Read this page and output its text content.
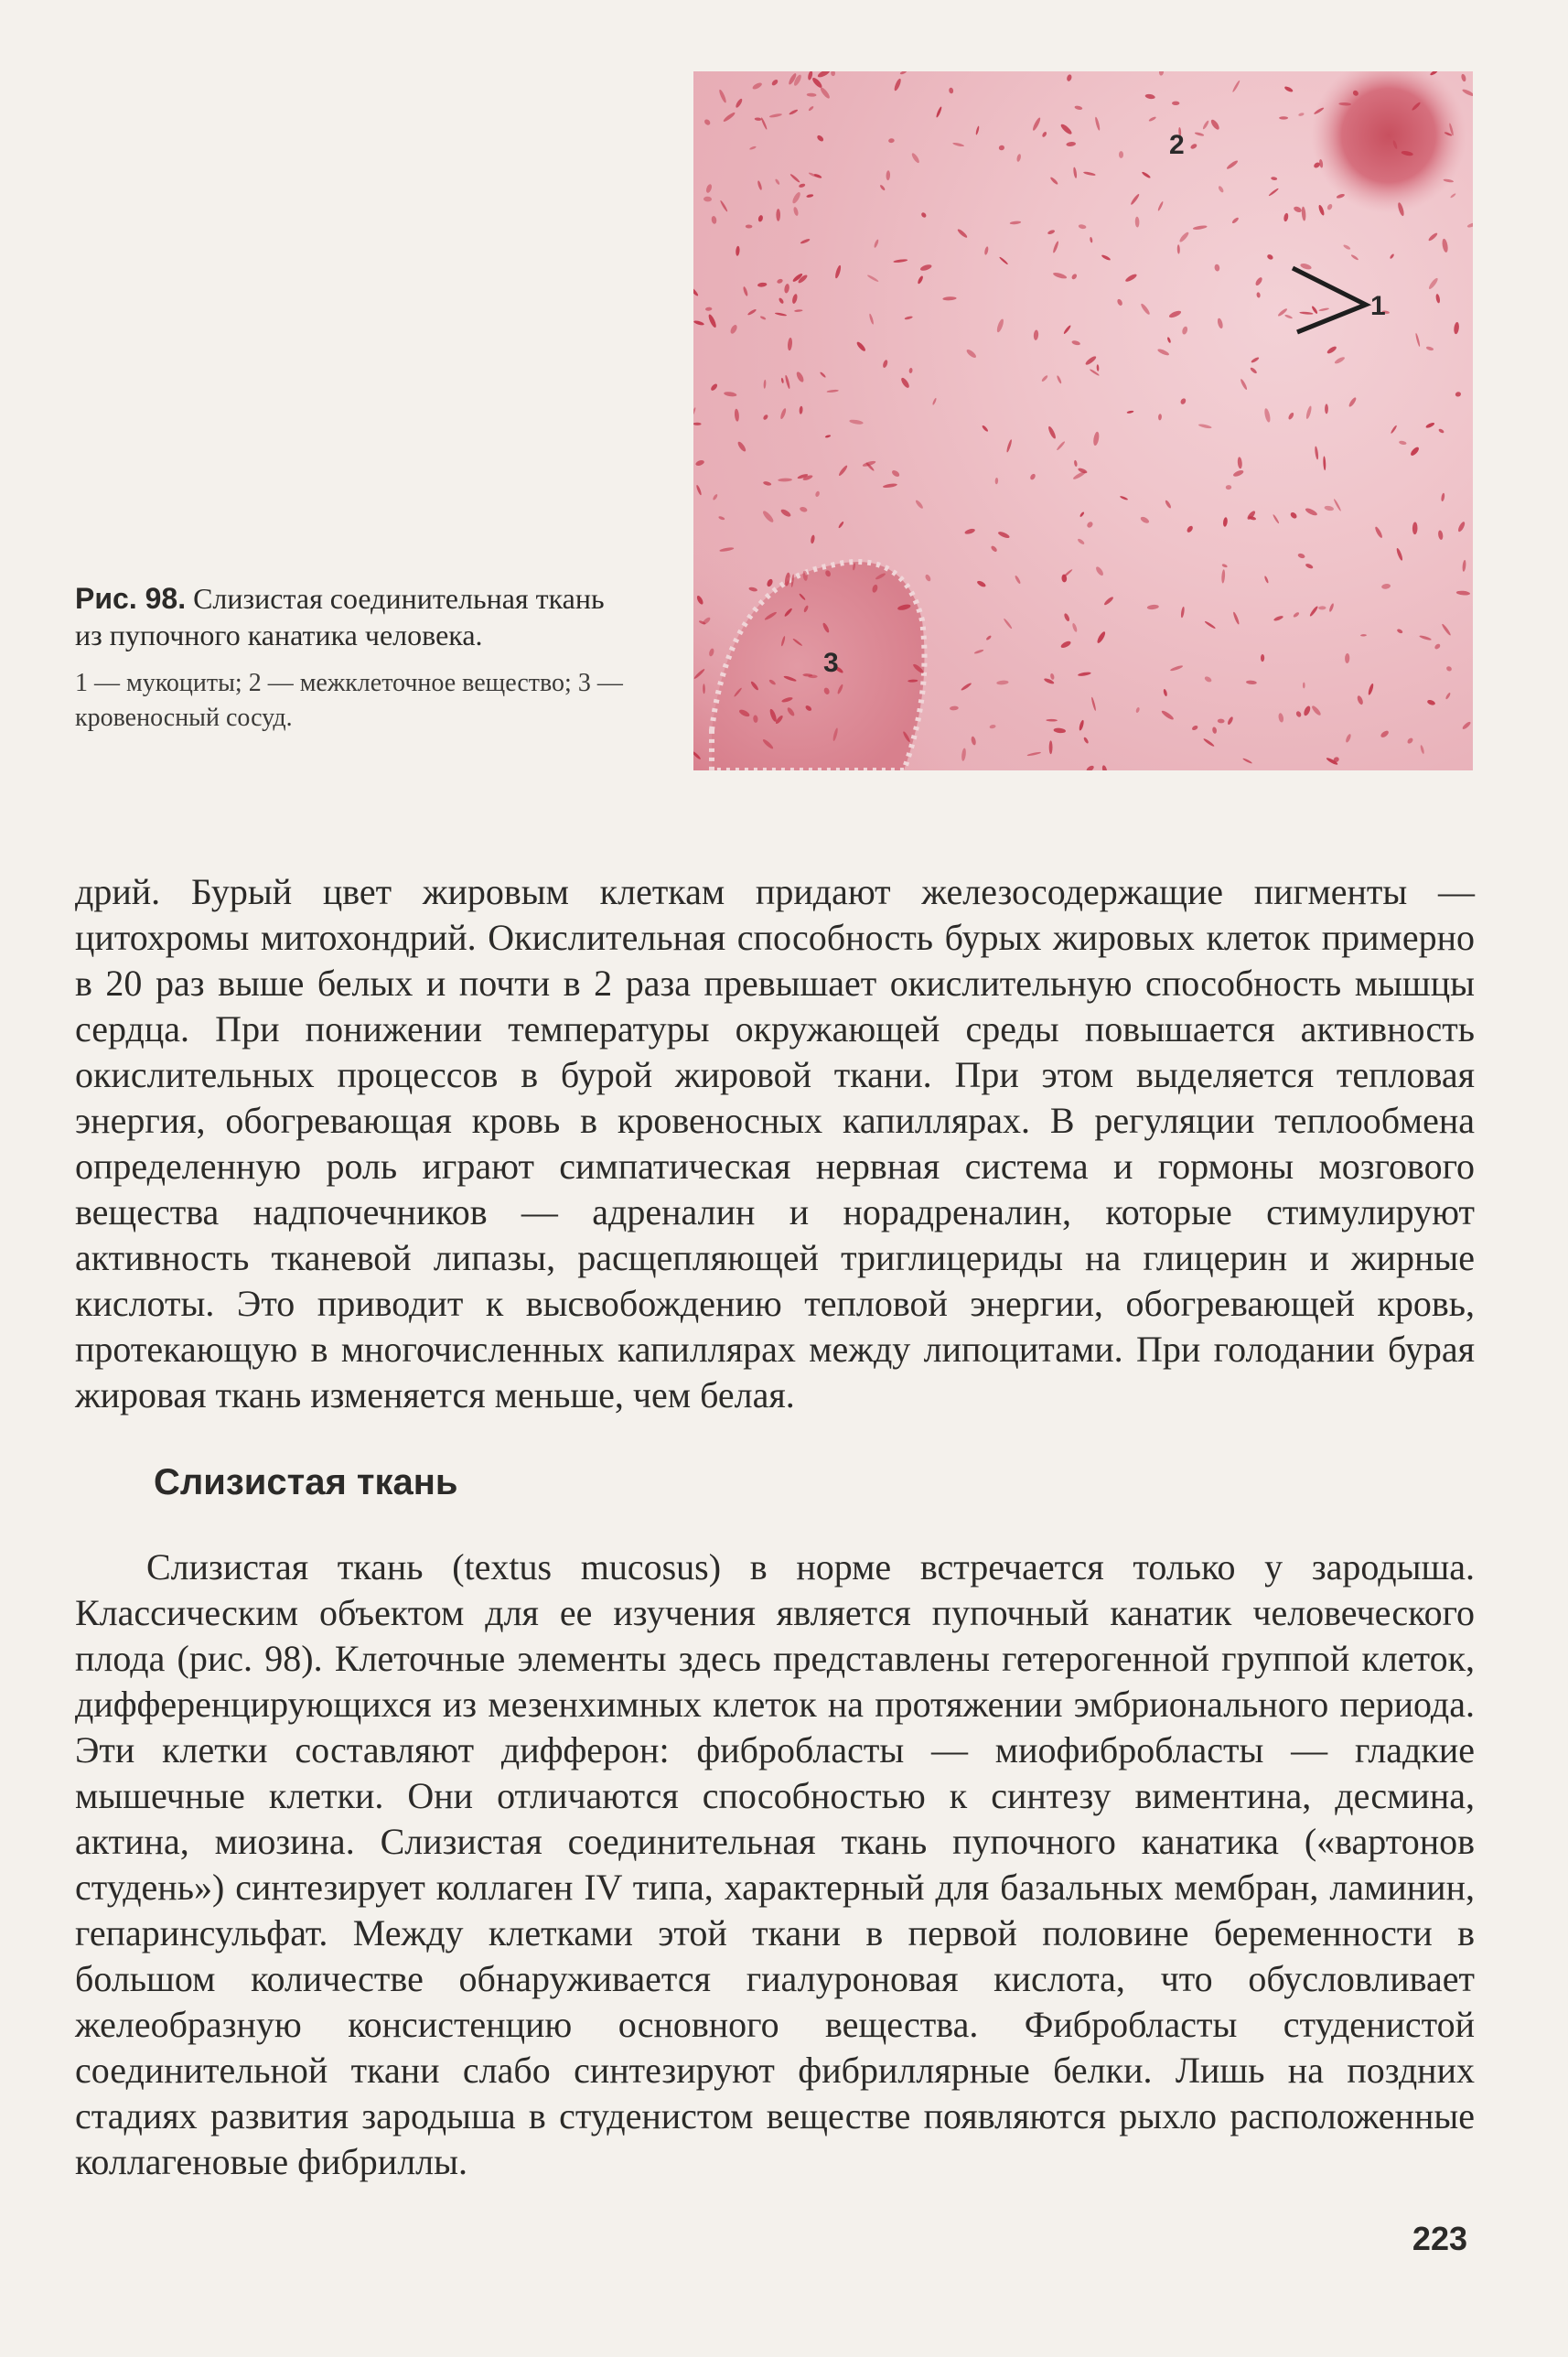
2
1
3
Рис. 98. Слизистая соединительная ткань из пупочного канатика человека.
1 — мукоциты; 2 — межклеточное вещество; 3 — кровеносный сосуд.
дрий. Бурый цвет жировым клеткам придают железосодержащие пигменты — цитохромы митохондрий. Окислительная способность бурых жировых клеток примерно в 20 раз выше белых и почти в 2 раза превышает окислительную способность мышцы сердца. При понижении температуры окружающей среды повышается активность окислительных процессов в бурой жировой ткани. При этом выделяется тепловая энергия, обогревающая кровь в кровеносных капиллярах. В регуляции теплообмена определенную роль играют симпатическая нервная система и гормоны мозгового вещества надпочечников — адреналин и норадреналин, которые стимулируют активность тканевой липазы, расщепляющей триглицериды на глицерин и жирные кислоты. Это приводит к высвобождению тепловой энергии, обогревающей кровь, протекающую в многочисленных капиллярах между липоцитами. При голодании бурая жировая ткань изменяется меньше, чем белая.
Слизистая ткань
Слизистая ткань (textus mucosus) в норме встречается только у зародыша. Классическим объектом для ее изучения является пупочный канатик человеческого плода (рис. 98). Клеточные элементы здесь представлены гетерогенной группой клеток, дифференцирующихся из мезенхимных клеток на протяжении эмбрионального периода. Эти клетки составляют дифферон: фибробласты — миофибробласты — гладкие мышечные клетки. Они отличаются способностью к синтезу виментина, десмина, актина, миозина. Слизистая соединительная ткань пупочного канатика («вартонов студень») синтезирует коллаген IV типа, характерный для базальных мембран, ламинин, гепаринсульфат. Между клетками этой ткани в первой половине беременности в большом количестве обнаруживается гиалуроновая кислота, что обусловливает желеобразную консистенцию основного вещества. Фибробласты студенистой соединительной ткани слабо синтезируют фибриллярные белки. Лишь на поздних стадиях развития зародыша в студенистом веществе появляются рыхло расположенные коллагеновые фибриллы.
223
